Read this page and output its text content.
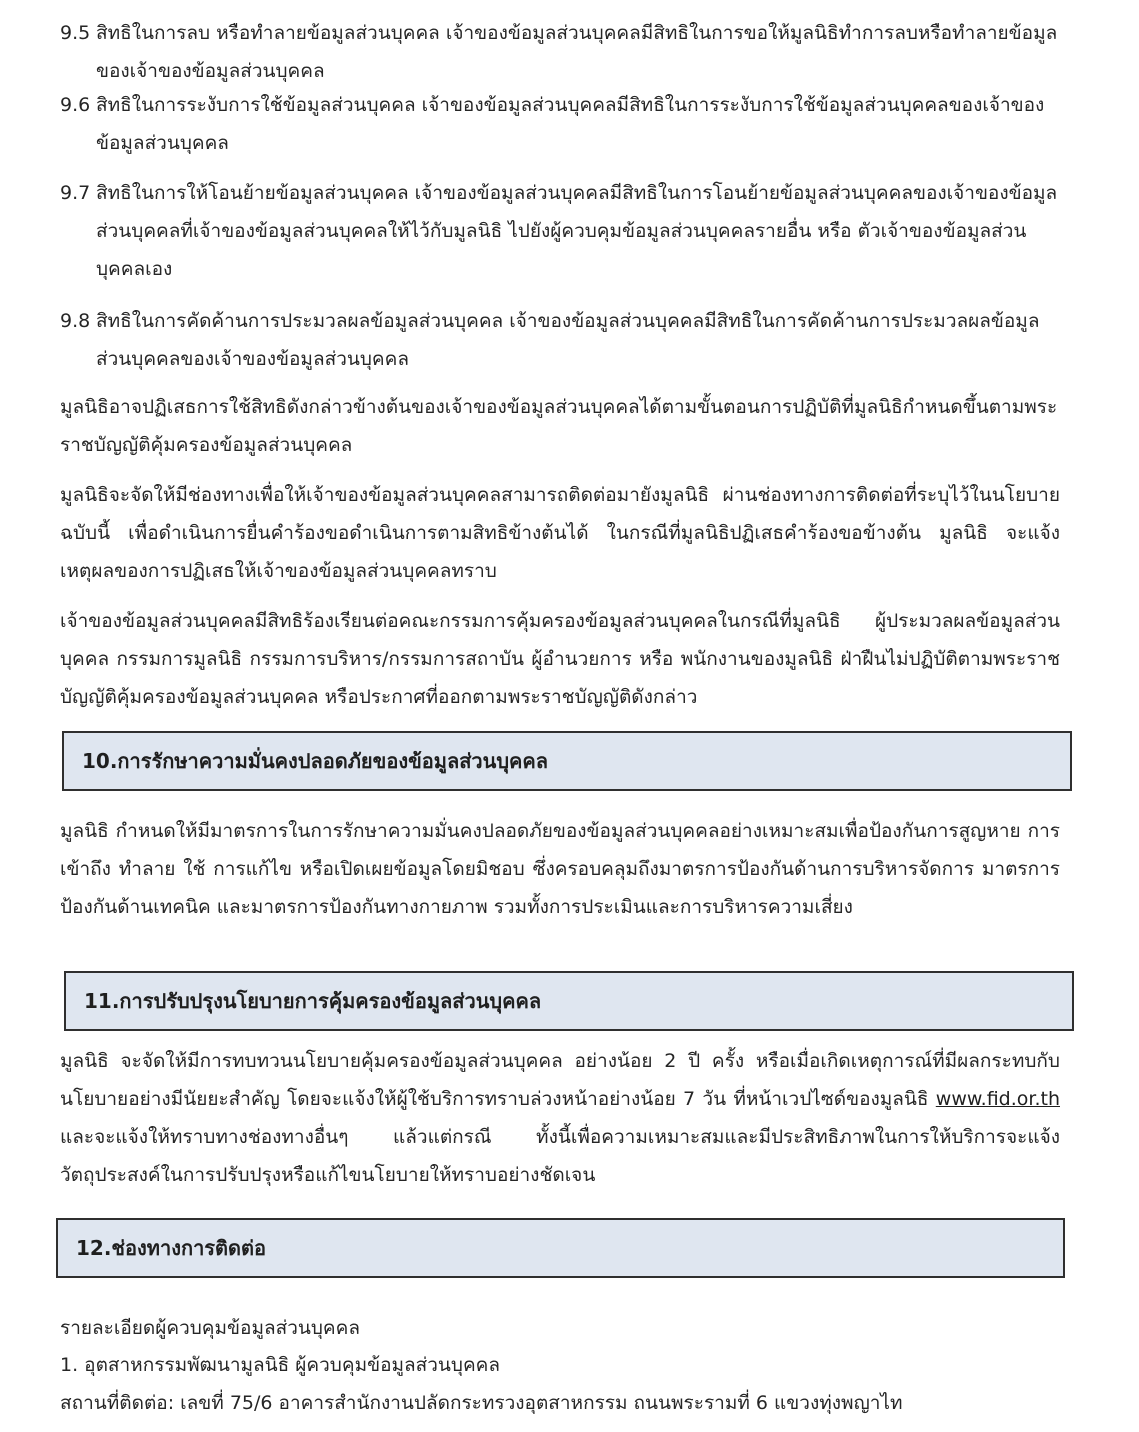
9.5 สิทธิในการลบ หรือทำลายข้อมูลส่วนบุคคล เจ้าของข้อมูลส่วนบุคคลมีสิทธิในการขอให้มูลนิธิทำการลบหรือทำลายข้อมูลของเจ้าของข้อมูลส่วนบุคคล
9.6 สิทธิในการระงับการใช้ข้อมูลส่วนบุคคล เจ้าของข้อมูลส่วนบุคคลมีสิทธิในการระงับการใช้ข้อมูลส่วนบุคคลของเจ้าของข้อมูลส่วนบุคคล
9.7 สิทธิในการให้โอนย้ายข้อมูลส่วนบุคคล เจ้าของข้อมูลส่วนบุคคลมีสิทธิในการโอนย้ายข้อมูลส่วนบุคคลของเจ้าของข้อมูลส่วนบุคคลที่เจ้าของข้อมูลส่วนบุคคลให้ไว้กับมูลนิธิ ไปยังผู้ควบคุมข้อมูลส่วนบุคคลรายอื่น หรือ ตัวเจ้าของข้อมูลส่วนบุคคลเอง
9.8 สิทธิในการคัดค้านการประมวลผลข้อมูลส่วนบุคคล เจ้าของข้อมูลส่วนบุคคลมีสิทธิในการคัดค้านการประมวลผลข้อมูลส่วนบุคคลของเจ้าของข้อมูลส่วนบุคคล
มูลนิธิอาจปฏิเสธการใช้สิทธิดังกล่าวข้างต้นของเจ้าของข้อมูลส่วนบุคคลได้ตามขั้นตอนการปฏิบัติที่มูลนิธิกำหนดขึ้นตามพระราชบัญญัติคุ้มครองข้อมูลส่วนบุคคล
มูลนิธิจะจัดให้มีช่องทางเพื่อให้เจ้าของข้อมูลส่วนบุคคลสามารถติดต่อมายังมูลนิธิ ผ่านช่องทางการติดต่อที่ระบุไว้ในนโยบายฉบับนี้ เพื่อดำเนินการยื่นคำร้องขอดำเนินการตามสิทธิข้างต้นได้ ในกรณีที่มูลนิธิปฏิเสธคำร้องขอข้างต้น มูลนิธิ จะแจ้งเหตุผลของการปฏิเสธให้เจ้าของข้อมูลส่วนบุคคลทราบ
เจ้าของข้อมูลส่วนบุคคลมีสิทธิร้องเรียนต่อคณะกรรมการคุ้มครองข้อมูลส่วนบุคคลในกรณีที่มูลนิธิ ผู้ประมวลผลข้อมูลส่วนบุคคล กรรมการมูลนิธิ กรรมการบริหาร/กรรมการสถาบัน ผู้อำนวยการ หรือ พนักงานของมูลนิธิ ฝ่าฝืนไม่ปฏิบัติตามพระราชบัญญัติคุ้มครองข้อมูลส่วนบุคคล หรือประกาศที่ออกตามพระราชบัญญัติดังกล่าว
10.การรักษาความมั่นคงปลอดภัยของข้อมูลส่วนบุคคล
มูลนิธิ กำหนดให้มีมาตรการในการรักษาความมั่นคงปลอดภัยของข้อมูลส่วนบุคคลอย่างเหมาะสมเพื่อป้องกันการสูญหาย การเข้าถึง ทำลาย ใช้ การแก้ไข หรือเปิดเผยข้อมูลโดยมิชอบ ซึ่งครอบคลุมถึงมาตรการป้องกันด้านการบริหารจัดการ มาตรการป้องกันด้านเทคนิค และมาตรการป้องกันทางกายภาพ รวมทั้งการประเมินและการบริหารความเสี่ยง
11.การปรับปรุงนโยบายการคุ้มครองข้อมูลส่วนบุคคล
มูลนิธิ จะจัดให้มีการทบทวนนโยบายคุ้มครองข้อมูลส่วนบุคคล อย่างน้อย 2 ปี ครั้ง หรือเมื่อเกิดเหตุการณ์ที่มีผลกระทบกับนโยบายอย่างมีนัยยะสำคัญ โดยจะแจ้งให้ผู้ใช้บริการทราบล่วงหน้าอย่างน้อย 7 วัน ที่หน้าเวปไซด์ของมูลนิธิ www.fid.or.th และจะแจ้งให้ทราบทางช่องทางอื่นๆ แล้วแต่กรณี ทั้งนี้เพื่อความเหมาะสมและมีประสิทธิภาพในการให้บริการจะแจ้งวัตถุประสงค์ในการปรับปรุงหรือแก้ไขนโยบายให้ทราบอย่างชัดเจน
12.ช่องทางการติดต่อ
รายละเอียดผู้ควบคุมข้อมูลส่วนบุคคล
1. อุตสาหกรรมพัฒนามูลนิธิ ผู้ควบคุมข้อมูลส่วนบุคคล
สถานที่ติดต่อ: เลขที่ 75/6 อาคารสำนักงานปลัดกระทรวงอุตสาหกรรม ถนนพระรามที่ 6 แขวงทุ่งพญาไท
